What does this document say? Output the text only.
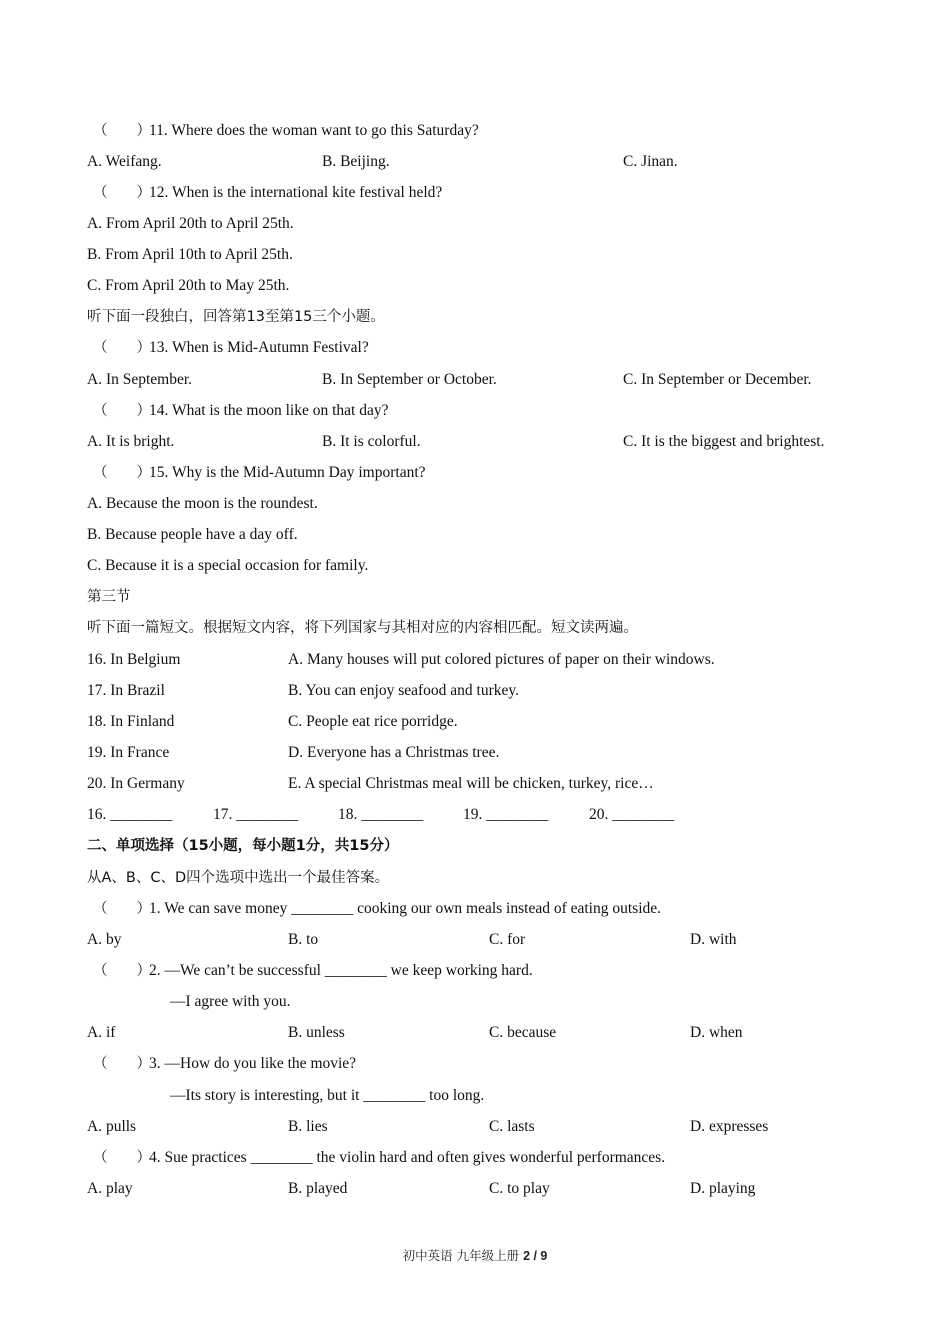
（　　）11. Where does the woman want to go this Saturday?
A. Weifang.	B. Beijing.	C. Jinan.
（　　）12. When is the international kite festival held?
A. From April 20th to April 25th.
B. From April 10th to April 25th.
C. From April 20th to May 25th.
听下面一段独白，回答第13至第15三个小题。
（　　）13. When is Mid-Autumn Festival?
A. In September.	B. In September or October.	C. In September or December.
（　　）14. What is the moon like on that day?
A. It is bright.	B. It is colorful.	C. It is the biggest and brightest.
（　　）15. Why is the Mid-Autumn Day important?
A. Because the moon is the roundest.
B. Because people have a day off.
C. Because it is a special occasion for family.
第三节
听下面一篇短文。根据短文内容，将下列国家与其相对应的内容相匹配。短文读两遍。
16. In Belgium	A. Many houses will put colored pictures of paper on their windows.
17. In Brazil	B. You can enjoy seafood and turkey.
18. In Finland	C. People eat rice porridge.
19. In France	D. Everyone has a Christmas tree.
20. In Germany	E. A special Christmas meal will be chicken, turkey, rice…
16. ________	17. ________	18. ________	19. ________	20. ________
二、单项选择（15小题，每小题1分，共15分）
从A、B、C、D四个选项中选出一个最佳答案。
（　　）1. We can save money ________ cooking our own meals instead of eating outside.
A. by	B. to	C. for	D. with
（　　）2. —We can’t be successful ________ we keep working hard.
—I agree with you.
A. if	B. unless	C. because	D. when
（　　）3. —How do you like the movie?
—Its story is interesting, but it ________ too long.
A. pulls	B. lies	C. lasts	D. expresses
（　　）4. Sue practices ________ the violin hard and often gives wonderful performances.
A. play	B. played	C. to play	D. playing
初中英语 九年级上册 2 / 9
